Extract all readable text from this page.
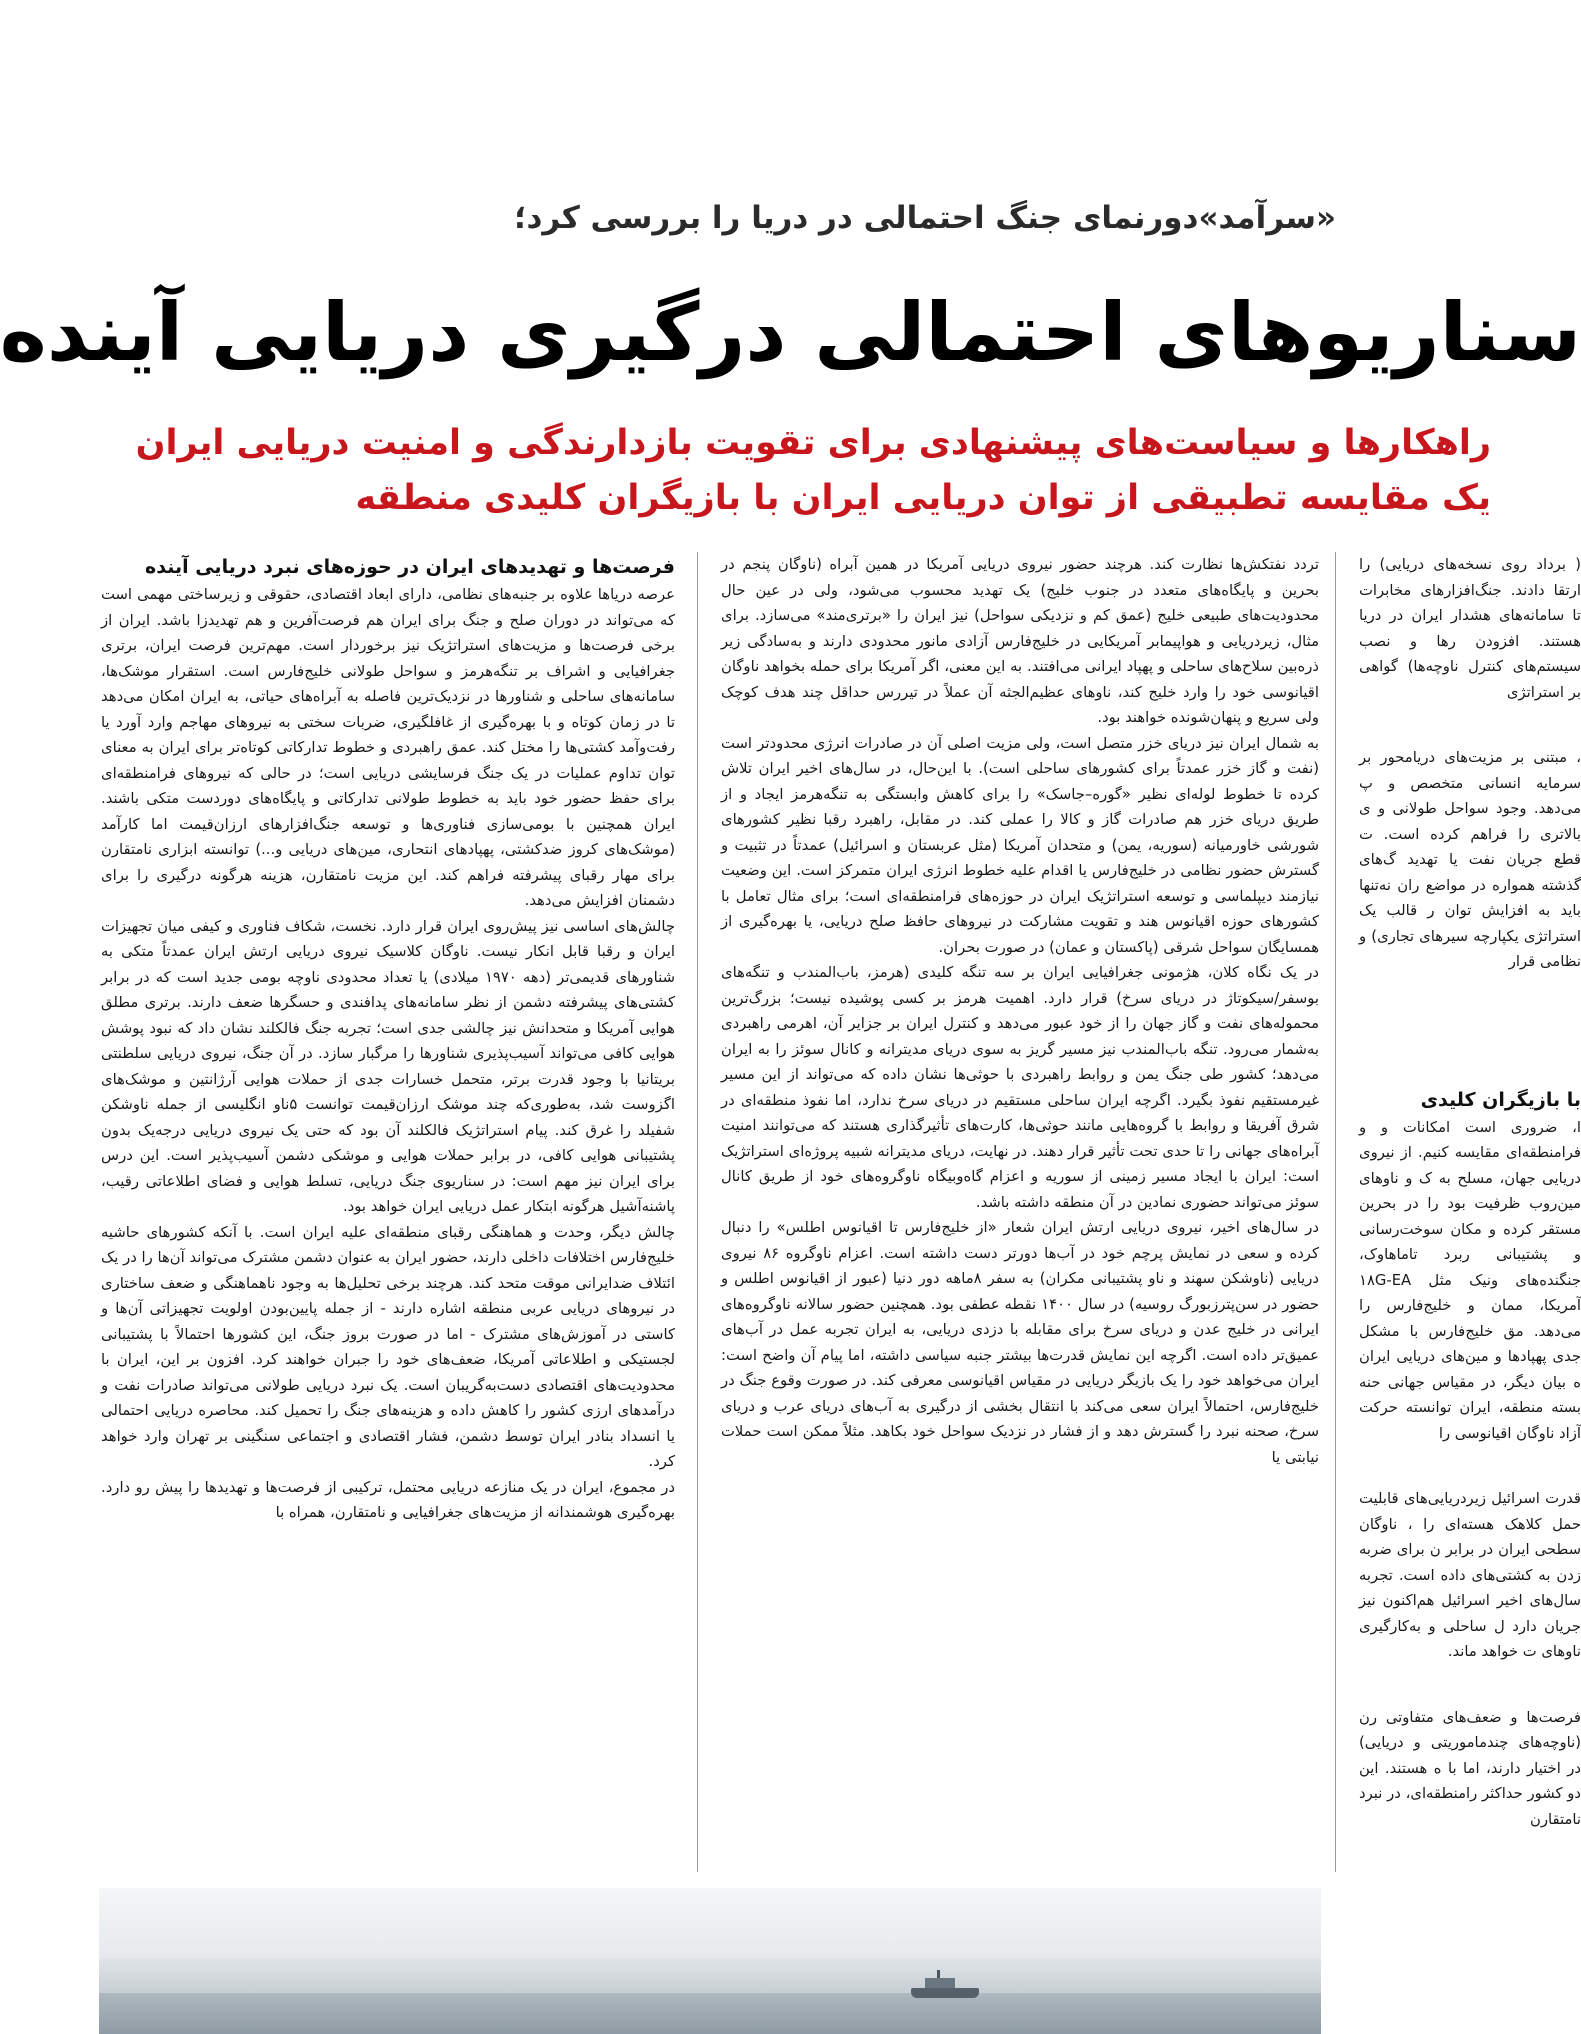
«سرآمد»دورنمای جنگ احتمالی در دریا را بررسی کرد؛
سناریوهای احتمالی درگیری دریایی آینده
راهکارها و سیاست‌های پیشنهادی برای تقویت بازدارندگی و امنیت دریایی ایران
یک مقایسه تطبیقی از توان دریایی ایران با بازیگران کلیدی منطقه

فرصت‌ها و تهدیدهای ایران در حوزه‌های نبرد دریایی آینده

عرصه دریاها علاوه بر جنبه‌های نظامی، دارای ابعاد اقتصادی، حقوقی و زیرساختی مهمی است که می‌تواند در دوران صلح و جنگ برای ایران هم فرصت‌آفرین و هم تهدیدزا باشد. ایران از برخی فرصت‌ها و مزیت‌های استراتژیک نیز برخوردار است. مهم‌ترین فرصت ایران، برتری جغرافیایی و اشراف بر تنگه‌هرمز و سواحل طولانی خلیج‌فارس است. استقرار موشک‌ها، سامانه‌های ساحلی و شناورها در نزدیک‌ترین فاصله به آبراه‌های حیاتی، به ایران امکان می‌دهد تا در زمان کوتاه و با بهره‌گیری از غافلگیری، ضربات سختی به نیروهای مهاجم وارد آورد یا رفت‌وآمد کشتی‌ها را مختل کند. عمق راهبردی و خطوط تدارکاتی کوتاه‌تر برای ایران به معنای توان تداوم عملیات در یک جنگ فرسایشی دریایی است؛ در حالی که نیروهای فرامنطقه‌ای برای حفظ حضور خود باید به خطوط طولانی تدارکاتی و پایگاه‌های دوردست متکی باشند. ایران همچنین با بومی‌سازی فناوری‌ها و توسعه جنگ‌افزارهای ارزان‌قیمت اما کارآمد (موشک‌های کروز ضدکشتی، پهپادهای انتحاری، مین‌های دریایی و...) توانسته ابزاری نامتقارن برای مهار رقبای پیشرفته فراهم کند. این مزیت نامتقارن، هزینه هرگونه درگیری را برای دشمنان افزایش می‌دهد.

چالش‌های اساسی نیز پیش‌روی ایران قرار دارد. نخست، شکاف فناوری و کیفی میان تجهیزات ایران و رقبا قابل انکار نیست. ناوگان کلاسیک نیروی دریایی ارتش ایران عمدتاً متکی به شناورهای قدیمی‌تر (دهه ۱۹۷۰ میلادی) یا تعداد محدودی ناوچه بومی جدید است که در برابر کشتی‌های پیشرفته دشمن از نظر سامانه‌های پدافندی و حسگرها ضعف دارند. برتری مطلق هوایی آمریکا و متحدانش نیز چالشی جدی است؛ تجربه جنگ فالکلند نشان داد که نبود پوشش هوایی کافی می‌تواند آسیب‌پذیری شناورها را مرگبار سازد. در آن جنگ، نیروی دریایی سلطنتی بریتانیا با وجود قدرت برتر، متحمل خسارات جدی از حملات هوایی آرژانتین و موشک‌های اگزوست شد، به‌طوری‌که چند موشک ارزان‌قیمت توانست ۵ناو انگلیسی از جمله ناوشکن شفیلد را غرق کند. پیام استراتژیک فالکلند آن بود که حتی یک نیروی دریایی درجه‌یک بدون پشتیبانی هوایی کافی، در برابر حملات هوایی و موشکی دشمن آسیب‌پذیر است. این درس برای ایران نیز مهم است: در سناریوی جنگ دریایی، تسلط هوایی و فضای اطلاعاتی رقیب، پاشنه‌آشیل هرگونه ابتکار عمل دریایی ایران خواهد بود.

چالش دیگر، وحدت و هماهنگی رقبای منطقه‌ای علیه ایران است. با آنکه کشورهای حاشیه خلیج‌فارس اختلافات داخلی دارند، حضور ایران به عنوان دشمن مشترک می‌تواند آن‌ها را در یک ائتلاف ضدایرانی موقت متحد کند. هرچند برخی تحلیل‌ها به وجود ناهماهنگی و ضعف ساختاری در نیروهای دریایی عربی منطقه اشاره دارند - از جمله پایین‌بودن اولویت تجهیزاتی آن‌ها و کاستی در آموزش‌های مشترک - اما در صورت بروز جنگ، این کشورها احتمالاً با پشتیبانی لجستیکی و اطلاعاتی آمریکا، ضعف‌های خود را جبران خواهند کرد. افزون بر این، ایران با محدودیت‌های اقتصادی دست‌به‌گریبان است. یک نبرد دریایی طولانی می‌تواند صادرات نفت و درآمدهای ارزی کشور را کاهش داده و هزینه‌های جنگ را تحمیل کند. محاصره دریایی احتمالی یا انسداد بنادر ایران توسط دشمن، فشار اقتصادی و اجتماعی سنگینی بر تهران وارد خواهد کرد.

در مجموع، ایران در یک منازعه دریایی محتمل، ترکیبی از فرصت‌ها و تهدیدها را پیش رو دارد. بهره‌گیری هوشمندانه از مزیت‌های جغرافیایی و نامتقارن، همراه با

تردد نفتکش‌ها نظارت کند. هرچند حضور نیروی دریایی آمریکا در همین آبراه (ناوگان پنجم در بحرین و پایگاه‌های متعدد در جنوب خلیج) یک تهدید محسوب می‌شود، ولی در عین حال محدودیت‌های طبیعی خلیج (عمق کم و نزدیکی سواحل) نیز ایران را «برتری‌مند» می‌سازد. برای مثال، زیردریایی و هواپیمابر آمریکایی در خلیج‌فارس آزادی مانور محدودی دارند و به‌سادگی زیر ذره‌بین سلاح‌های ساحلی و پهپاد ایرانی می‌افتند. به این معنی، اگر آمریکا برای حمله بخواهد ناوگان اقیانوسی خود را وارد خلیج کند، ناوهای عظیم‌الجثه آن عملاً در تیررس حداقل چند هدف کوچک ولی سریع و پنهان‌شونده خواهند بود.

به شمال ایران نیز دریای خزر متصل است، ولی مزیت اصلی آن در صادرات انرژی محدودتر است (نفت و گاز خزر عمدتاً برای کشورهای ساحلی است). با این‌حال، در سال‌های اخیر ایران تلاش کرده تا خطوط لوله‌ای نظیر «گوره–جاسک» را برای کاهش وابستگی به تنگه‌هرمز ایجاد و از طریق دریای خزر هم صادرات گاز و کالا را عملی کند. در مقابل، راهبرد رقبا نظیر کشورهای شورشی خاورمیانه (سوریه، یمن) و متحدان آمریکا (مثل عربستان و اسرائیل) عمدتاً در تثبیت و گسترش حضور نظامی در خلیج‌فارس یا اقدام علیه خطوط انرژی ایران متمرکز است. این وضعیت نیازمند دیپلماسی و توسعه استراتژیک ایران در حوزه‌های فرامنطقه‌ای است؛ برای مثال تعامل با کشورهای حوزه اقیانوس هند و تقویت مشارکت در نیروهای حافظ صلح دریایی، یا بهره‌گیری از همسایگان سواحل شرقی (پاکستان و عمان) در صورت بحران.

در یک نگاه کلان، هژمونی جغرافیایی ایران بر سه تنگه کلیدی (هرمز، باب‌المندب و تنگه‌های بوسفر/سیکوتاژ در دریای سرخ) قرار دارد. اهمیت هرمز بر کسی پوشیده نیست؛ بزرگ‌ترین محموله‌های نفت و گاز جهان را از خود عبور می‌دهد و کنترل ایران بر جزایر آن، اهرمی راهبردی به‌شمار می‌رود. تنگه باب‌المندب نیز مسیر گریز به سوی دریای مدیترانه و کانال سوئز را به ایران می‌دهد؛ کشور طی جنگ یمن و روابط راهبردی با حوثی‌ها نشان داده که می‌تواند از این مسیر غیرمستقیم نفوذ بگیرد. اگرچه ایران ساحلی مستقیم در دریای سرخ ندارد، اما نفوذ منطقه‌ای در شرق آفریقا و روابط با گروه‌هایی مانند حوثی‌ها، کارت‌های تأثیرگذاری هستند که می‌توانند امنیت آبراه‌های جهانی را تا حدی تحت تأثیر قرار دهند. در نهایت، دریای مدیترانه شبیه پروژه‌ای استراتژیک است: ایران با ایجاد مسیر زمینی از سوریه و اعزام گاه‌وبیگاه ناوگروه‌های خود از طریق کانال سوئز می‌تواند حضوری نمادین در آن منطقه داشته باشد.

در سال‌های اخیر، نیروی دریایی ارتش ایران شعار «از خلیج‌فارس تا اقیانوس اطلس» را دنبال کرده و سعی در نمایش پرچم خود در آب‌ها دورتر دست داشته است. اعزام ناوگروه ۸۶ نیروی دریایی (ناوشکن سهند و ناو پشتیبانی مکران) به سفر ۸ماهه دور دنیا (عبور از اقیانوس اطلس و حضور در سن‌پترزبورگ روسیه) در سال ۱۴۰۰ نقطه عطفی بود. همچنین حضور سالانه ناوگروه‌های ایرانی در خلیج عدن و دریای سرخ برای مقابله با دزدی دریایی، به ایران تجربه عمل در آب‌های عمیق‌تر داده است. اگرچه این نمایش قدرت‌ها بیشتر جنبه سیاسی داشته، اما پیام آن واضح است: ایران می‌خواهد خود را یک بازیگر دریایی در مقیاس اقیانوسی معرفی کند. در صورت وقوع جنگ در خلیج‌فارس، احتمالاً ایران سعی می‌کند با انتقال بخشی از درگیری به آب‌های دریای عرب و دریای سرخ، صحنه نبرد را گسترش دهد و از فشار در نزدیک سواحل خود بکاهد. مثلاً ممکن است حملات نیابتی یا

( برداد روی نسخه‌های دریایی) را ارتقا دادند. جنگ‌افزارهای مخابرات تا سامانه‌های هشدار ایران در دریا هستند. افزودن رها و نصب سیستم‌های کنترل ناوچه‌ها) گواهی بر استراتژی

، مبتنی بر مزیت‌های دریامحور بر سرمایه انسانی متخصص و پ می‌دهد. وجود سواحل طولانی و ی بالاتری را فراهم کرده است. ت قطع جریان نفت یا تهدید گ‌های گذشته همواره در مواضع ران نه‌تنها باید به افزایش توان ر قالب یک استراتژی یکپارچه سیرهای تجاری) و نظامی قرار

با بازیگران کلیدی

ا، ضروری است امکانات و و فرامنطقه‌ای مقایسه کنیم. از نیروی دریایی جهان، مسلح به ک و ناوهای مین‌روب ظرفیت بود را در بحرین مستقر کرده و مکان سوخت‌رسانی و پشتیبانی ربرد تاماهاوک، جنگنده‌های ونیک مثل ۱۸G-EA آمریکا، ممان و خلیج‌فارس را می‌دهد. مق خلیج‌فارس با مشکل جدی پهپادها و مین‌های دریایی ایران ه بیان دیگر، در مقیاس جهانی حنه بسته منطقه، ایران توانسته حرکت آزاد ناوگان اقیانوسی را

قدرت اسرائیل زیردریایی‌های قابلیت حمل کلاهک هسته‌ای را ، ناوگان سطحی ایران در برابر ن برای ضربه زدن به کشتی‌های داده است. تجربه سال‌های اخیر اسرائیل هم‌اکنون نیز جریان دارد ل ساحلی و به‌کارگیری ناوهای ت خواهد ماند.

فرصت‌ها و ضعف‌های متفاوتی رن (ناوچه‌های چندماموریتی و دریایی) در اختیار دارند، اما با ه هستند. این دو کشور حداکثر رامنطقه‌ای، در نبرد نامتقارن
